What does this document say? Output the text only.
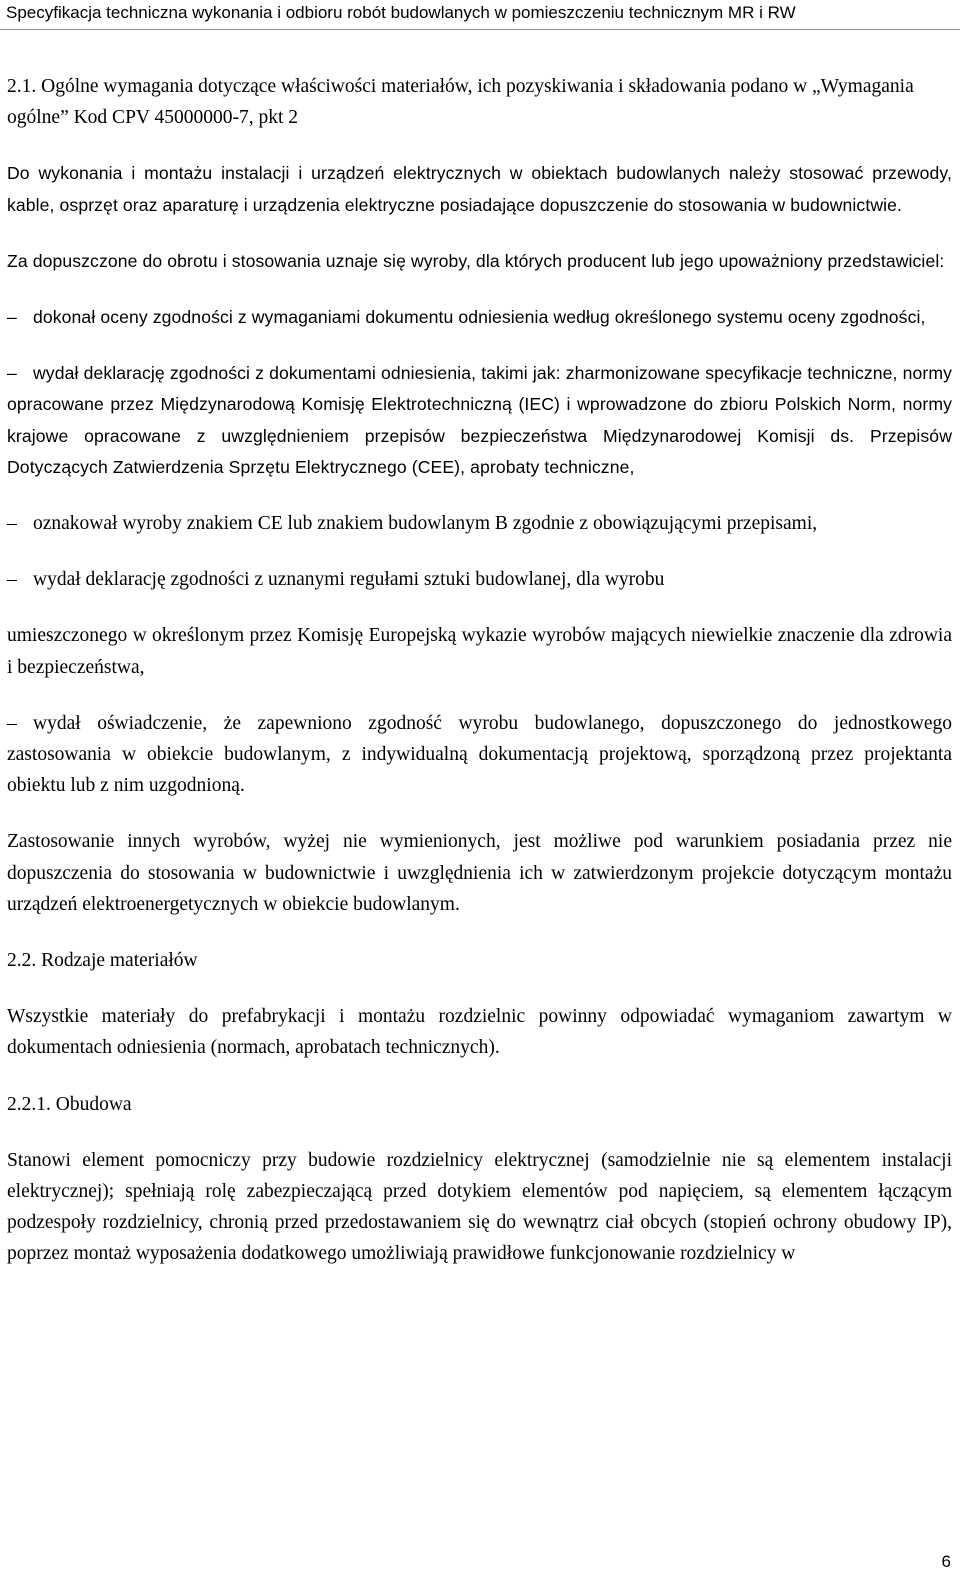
Specyfikacja techniczna wykonania i odbioru robót budowlanych w pomieszczeniu technicznym MR i RW

2.1. Ogólne wymagania dotyczące właściwości materiałów, ich pozyskiwania i składowania podano w „Wymagania ogólne” Kod CPV 45000000-7, pkt 2

Do wykonania i montażu instalacji i urządzeń elektrycznych w obiektach budowlanych należy stosować przewody, kable, osprzęt oraz aparaturę i urządzenia elektryczne posiadające dopuszczenie do stosowania w budownictwie.

Za dopuszczone do obrotu i stosowania uznaje się wyroby, dla których producent lub jego upoważniony przedstawiciel:

– dokonał oceny zgodności z wymaganiami dokumentu odniesienia według określonego systemu oceny zgodności,

– wydał deklarację zgodności z dokumentami odniesienia, takimi jak: zharmonizowane specyfikacje techniczne, normy opracowane przez Międzynarodową Komisję Elektrotechniczną (IEC) i wprowadzone do zbioru Polskich Norm, normy krajowe opracowane z uwzględnieniem przepisów bezpieczeństwa Międzynarodowej Komisji ds. Przepisów Dotyczących Zatwierdzenia Sprzętu Elektrycznego (CEE), aprobaty techniczne,

– oznakował wyroby znakiem CE lub znakiem budowlanym B zgodnie z obowiązującymi przepisami,

– wydał deklarację zgodności z uznanymi regułami sztuki budowlanej, dla wyrobu

umieszczonego w określonym przez Komisję Europejską wykazie wyrobów mających niewielkie znaczenie dla zdrowia i bezpieczeństwa,

– wydał oświadczenie, że zapewniono zgodność wyrobu budowlanego, dopuszczonego do jednostkowego zastosowania w obiekcie budowlanym, z indywidualną dokumentacją projektową, sporządzoną przez projektanta obiektu lub z nim uzgodnioną.

Zastosowanie innych wyrobów, wyżej nie wymienionych, jest możliwe pod warunkiem posiadania przez nie dopuszczenia do stosowania w budownictwie i uwzględnienia ich w zatwierdzonym projekcie dotyczącym montażu urządzeń elektroenergetycznych w obiekcie budowlanym.

2.2. Rodzaje materiałów

Wszystkie materiały do prefabrykacji i montażu rozdzielnic powinny odpowiadać wymaganiom zawartym w dokumentach odniesienia (normach, aprobatach technicznych).

2.2.1. Obudowa

Stanowi element pomocniczy przy budowie rozdzielnicy elektrycznej (samodzielnie nie są elementem instalacji elektrycznej); spełniają rolę zabezpieczającą przed dotykiem elementów pod napięciem, są elementem łączącym podzespoły rozdzielnicy, chronią przed przedostawaniem się do wewnątrz ciał obcych (stopień ochrony obudowy IP), poprzez montaż wyposażenia dodatkowego umożliwiają prawidłowe funkcjonowanie rozdzielnicy w

6
